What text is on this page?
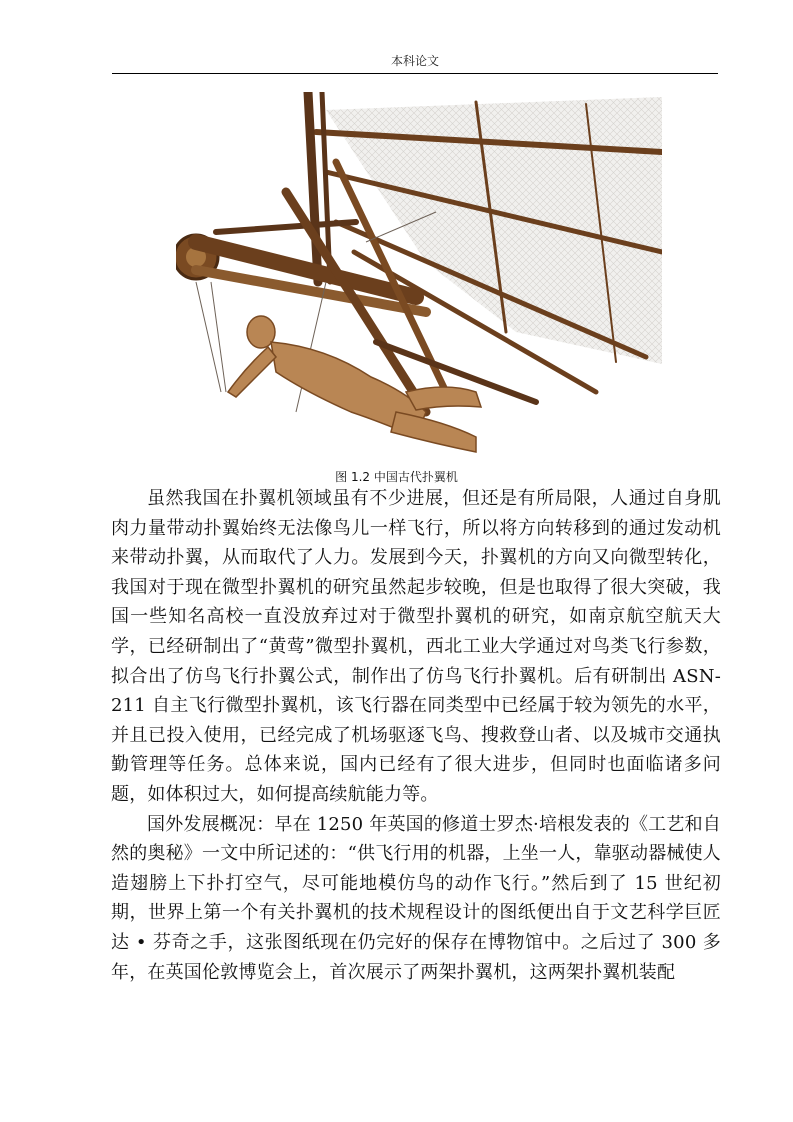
本科论文
图 1.2 中国古代扑翼机

虽然我国在扑翼机领域虽有不少进展，但还是有所局限，人通过自身肌肉力量带动扑翼始终无法像鸟儿一样飞行，所以将方向转移到的通过发动机来带动扑翼，从而取代了人力。发展到今天，扑翼机的方向又向微型转化，我国对于现在微型扑翼机的研究虽然起步较晚，但是也取得了很大突破，我国一些知名高校一直没放弃过对于微型扑翼机的研究，如南京航空航天大学，已经研制出了“黄莺”微型扑翼机，西北工业大学通过对鸟类飞行参数，拟合出了仿鸟飞行扑翼公式，制作出了仿鸟飞行扑翼机。后有研制出 ASN-211 自主飞行微型扑翼机，该飞行器在同类型中已经属于较为领先的水平，并且已投入使用，已经完成了机场驱逐飞鸟、搜救登山者、以及城市交通执勤管理等任务。总体来说，国内已经有了很大进步，但同时也面临诸多问题，如体积过大，如何提高续航能力等。

国外发展概况：早在 1250 年英国的修道士罗杰·培根发表的《工艺和自然的奥秘》一文中所记述的：“供飞行用的机器，上坐一人，靠驱动器械使人造翅膀上下扑打空气，尽可能地模仿鸟的动作飞行。”然后到了 15 世纪初期，世界上第一个有关扑翼机的技术规程设计的图纸便出自于文艺科学巨匠达 • 芬奇之手，这张图纸现在仍完好的保存在博物馆中。之后过了 300 多年，在英国伦敦博览会上，首次展示了两架扑翼机，这两架扑翼机装配
